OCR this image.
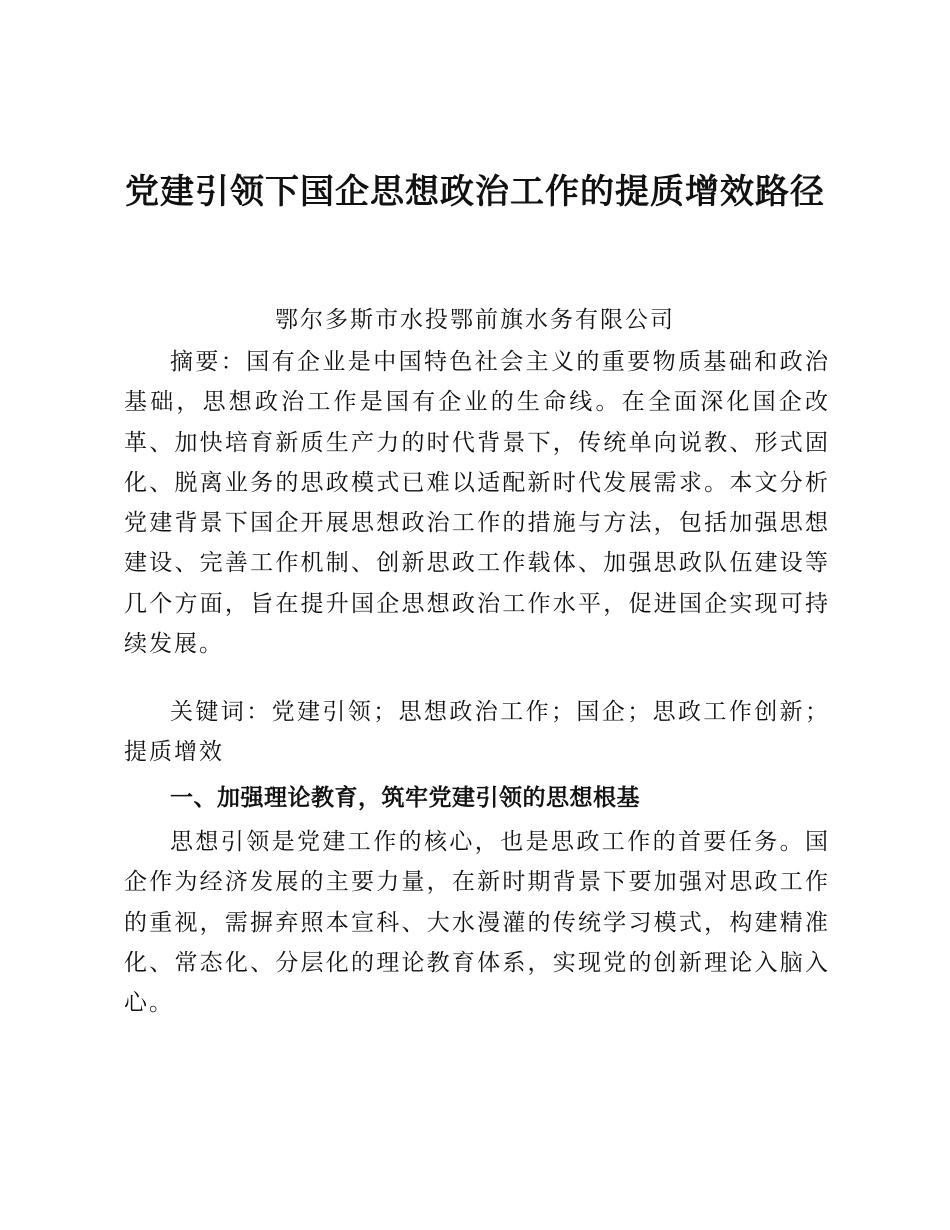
党建引领下国企思想政治工作的提质增效路径
鄂尔多斯市水投鄂前旗水务有限公司

摘要：国有企业是中国特色社会主义的重要物质基础和政治基础，思想政治工作是国有企业的生命线。在全面深化国企改革、加快培育新质生产力的时代背景下，传统单向说教、形式固化、脱离业务的思政模式已难以适配新时代发展需求。本文分析党建背景下国企开展思想政治工作的措施与方法，包括加强思想建设、完善工作机制、创新思政工作载体、加强思政队伍建设等几个方面，旨在提升国企思想政治工作水平，促进国企实现可持续发展。

关键词：党建引领；思想政治工作；国企；思政工作创新；提质增效

一、加强理论教育，筑牢党建引领的思想根基

思想引领是党建工作的核心，也是思政工作的首要任务。国企作为经济发展的主要力量，在新时期背景下要加强对思政工作的重视，需摒弃照本宣科、大水漫灌的传统学习模式，构建精准化、常态化、分层化的理论教育体系，实现党的创新理论入脑入心。
